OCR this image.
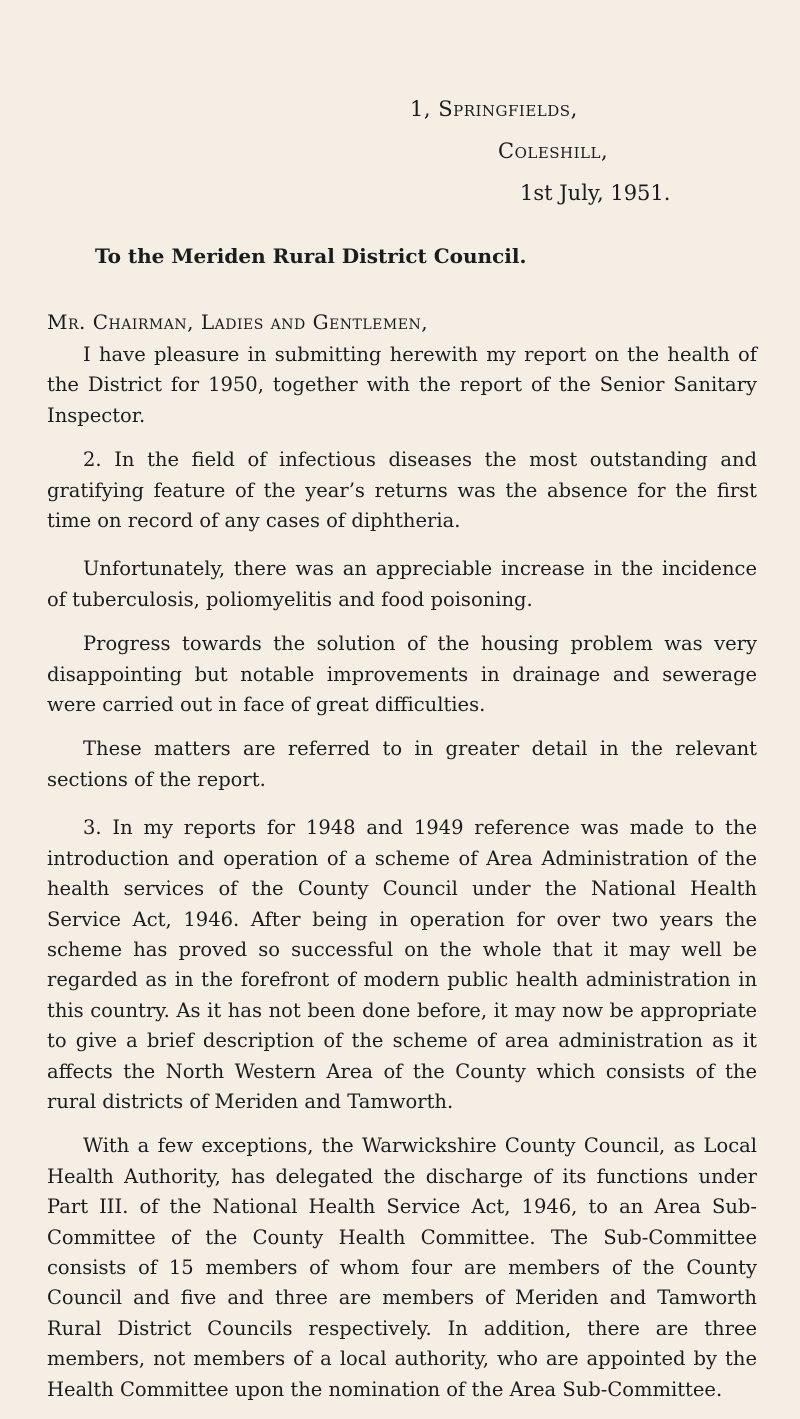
1, Springfields,
Coleshill,
1st July, 1951.
To the Meriden Rural District Council.
Mr. Chairman, Ladies and Gentlemen,

I have pleasure in submitting herewith my report on the health of the District for 1950, together with the report of the Senior Sanitary Inspector.

2. In the field of infectious diseases the most outstanding and gratifying feature of the year’s returns was the absence for the first time on record of any cases of diphtheria.

Unfortunately, there was an appreciable increase in the incidence of tuberculosis, poliomyelitis and food poisoning.

Progress towards the solution of the housing problem was very disappointing but notable improvements in drainage and sewerage were carried out in face of great difficulties.

These matters are referred to in greater detail in the relevant sections of the report.

3. In my reports for 1948 and 1949 reference was made to the introduction and operation of a scheme of Area Administration of the health services of the County Council under the National Health Service Act, 1946. After being in operation for over two years the scheme has proved so successful on the whole that it may well be regarded as in the forefront of modern public health administration in this country. As it has not been done before, it may now be appropriate to give a brief description of the scheme of area administration as it affects the North Western Area of the County which consists of the rural districts of Meriden and Tamworth.

With a few exceptions, the Warwickshire County Council, as Local Health Authority, has delegated the discharge of its functions under Part III. of the National Health Service Act, 1946, to an Area Sub-Committee of the County Health Committee. The Sub-Committee consists of 15 members of whom four are members of the County Council and five and three are members of Meriden and Tamworth Rural District Councils respectively. In addition, there are three members, not members of a local authority, who are appointed by the Health Committee upon the nomination of the Area Sub-Committee.
